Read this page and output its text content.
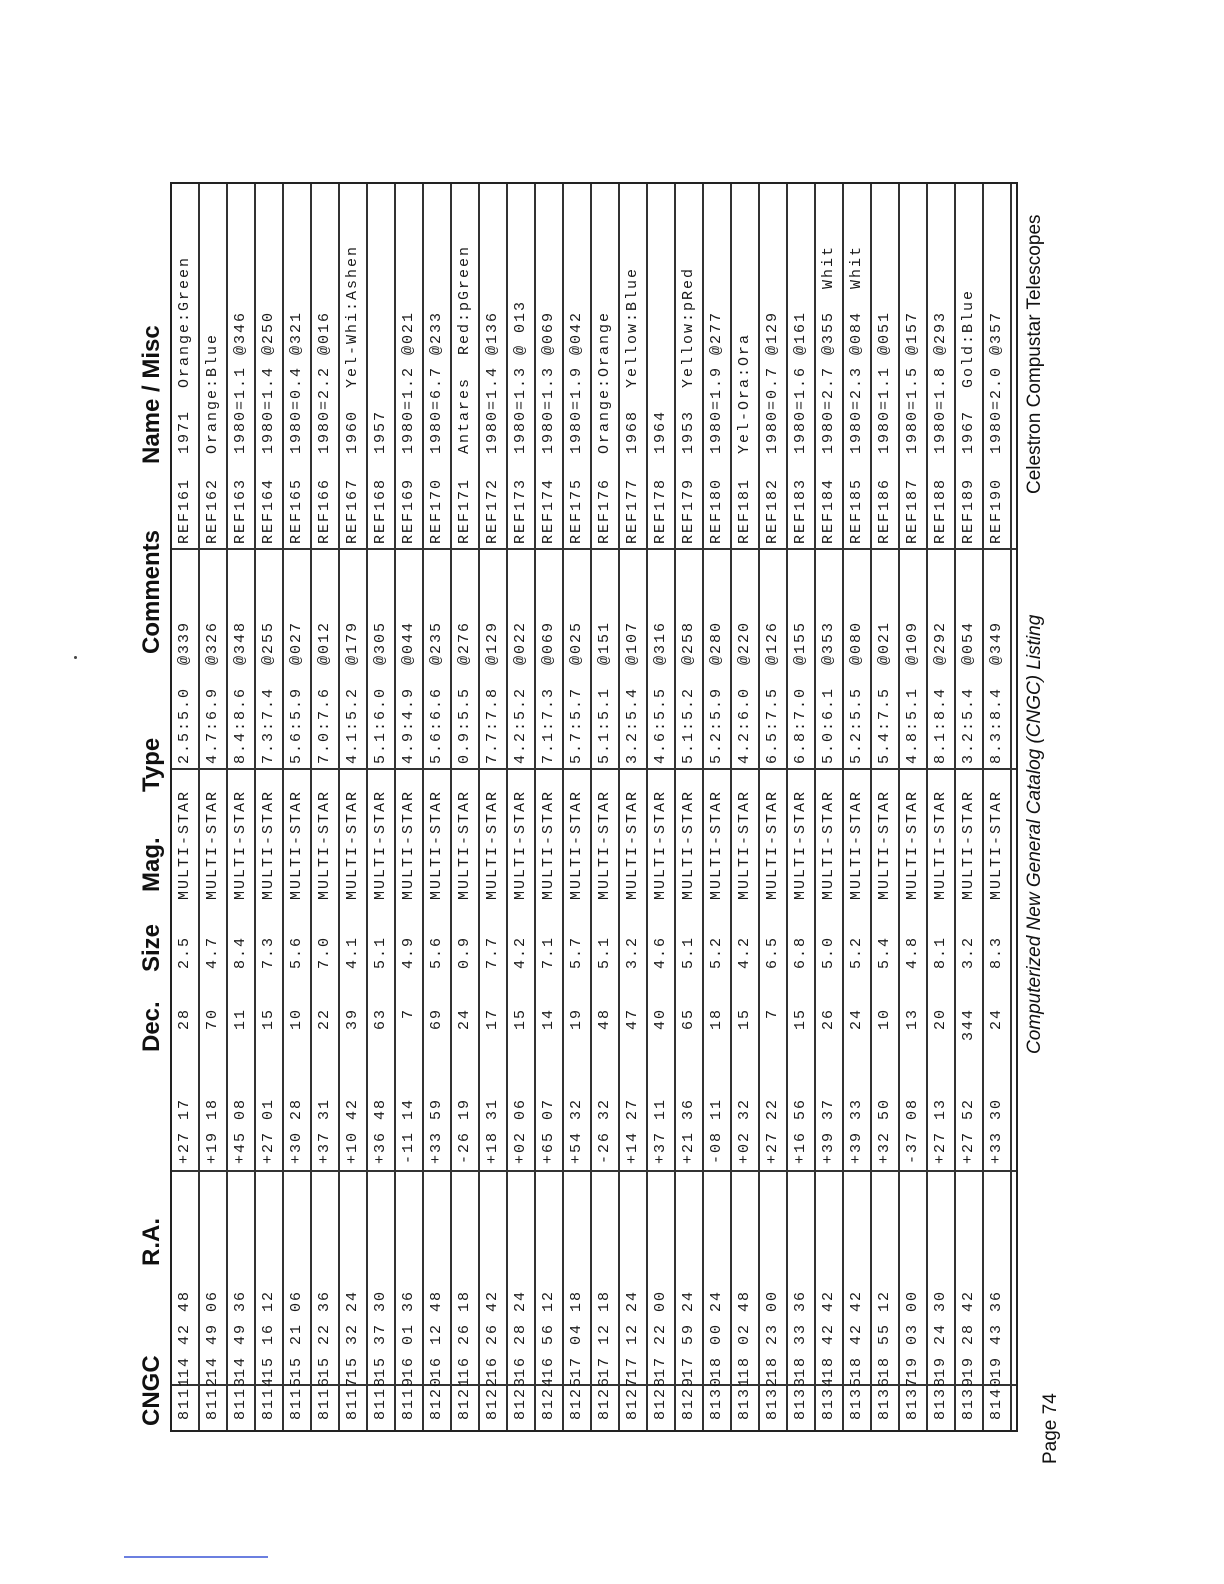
CNGC
R.A.
Dec.
Size
Mag.
Type
Comments
Name / Misc
8111
14 42 48
+27 17
28
2.5
MULTI-STAR
2.5:5.0  @339
REF161
1971  Orange:Green
8112
14 49 06
+19 18
70
4.7
MULTI-STAR
4.7:6.9  @326
REF162
Orange:Blue
8113
14 49 36
+45 08
11
8.4
MULTI-STAR
8.4:8.6  @348
REF163
1980=1.1 @346
8114
15 16 12
+27 01
15
7.3
MULTI-STAR
7.3:7.4  @255
REF164
1980=1.4 @250
8115
15 21 06
+30 28
10
5.6
MULTI-STAR
5.6:5.9  @027
REF165
1980=0.4 @321
8116
15 22 36
+37 31
22
7.0
MULTI-STAR
7.0:7.6  @012
REF166
1980=2.2 @016
8117
15 32 24
+10 42
39
4.1
MULTI-STAR
4.1:5.2  @179
REF167
1960  Yel-Whi:Ashen
8118
15 37 30
+36 48
63
5.1
MULTI-STAR
5.1:6.0  @305
REF168
1957
8119
16 01 36
-11 14
7
4.9
MULTI-STAR
4.9:4.9  @044
REF169
1980=1.2 @021
8120
16 12 48
+33 59
69
5.6
MULTI-STAR
5.6:6.6  @235
REF170
1980=6.7 @233
8121
16 26 18
-26 19
24
0.9
MULTI-STAR
0.9:5.5  @276
REF171
Antares  Red:pGreen
8122
16 26 42
+18 31
17
7.7
MULTI-STAR
7.7:7.8  @129
REF172
1980=1.4 @136
8123
16 28 24
+02 06
15
4.2
MULTI-STAR
4.2:5.2  @022
REF173
1980=1.3 @ 013
8124
16 56 12
+65 07
14
7.1
MULTI-STAR
7.1:7.3  @069
REF174
1980=1.3 @069
8125
17 04 18
+54 32
19
5.7
MULTI-STAR
5.7:5.7  @025
REF175
1980=1.9 @042
8126
17 12 18
-26 32
48
5.1
MULTI-STAR
5.1:5.1  @151
REF176
Orange:Orange
8127
17 12 24
+14 27
47
3.2
MULTI-STAR
3.2:5.4  @107
REF177
1968  Yellow:Blue
8128
17 22 00
+37 11
40
4.6
MULTI-STAR
4.6:5.5  @316
REF178
1964
8129
17 59 24
+21 36
65
5.1
MULTI-STAR
5.1:5.2  @258
REF179
1953  Yellow:pRed
8130
18 00 24
-08 11
18
5.2
MULTI-STAR
5.2:5.9  @280
REF180
1980=1.9 @277
8131
18 02 48
+02 32
15
4.2
MULTI-STAR
4.2:6.0  @220
REF181
Yel-Ora:Ora
8132
18 23 00
+27 22
7
6.5
MULTI-STAR
6.5:7.5  @126
REF182
1980=0.7 @129
8133
18 33 36
+16 56
15
6.8
MULTI-STAR
6.8:7.0  @155
REF183
1980=1.6 @161
8134
18 42 42
+39 37
26
5.0
MULTI-STAR
5.0:6.1  @353
REF184
1980=2.7 @355  Whit
8135
18 42 42
+39 33
24
5.2
MULTI-STAR
5.2:5.5  @080
REF185
1980=2.3 @084  Whit
8136
18 55 12
+32 50
10
5.4
MULTI-STAR
5.4:7.5  @021
REF186
1980=1.1 @051
8137
19 03 00
-37 08
13
4.8
MULTI-STAR
4.8:5.1  @109
REF187
1980=1.5 @157
8138
19 24 30
+27 13
20
8.1
MULTI-STAR
8.1:8.4  @292
REF188
1980=1.8 @293
8139
19 28 42
+27 52
344
3.2
MULTI-STAR
3.2:5.4  @054
REF189
1967  Gold:Blue
8140
19 43 36
+33 30
24
8.3
MULTI-STAR
8.3:8.4  @349
REF190
1980=2.0 @357
Page 74
Computerized New General Catalog (CNGC) Listing
Celestron Compustar Telescopes
